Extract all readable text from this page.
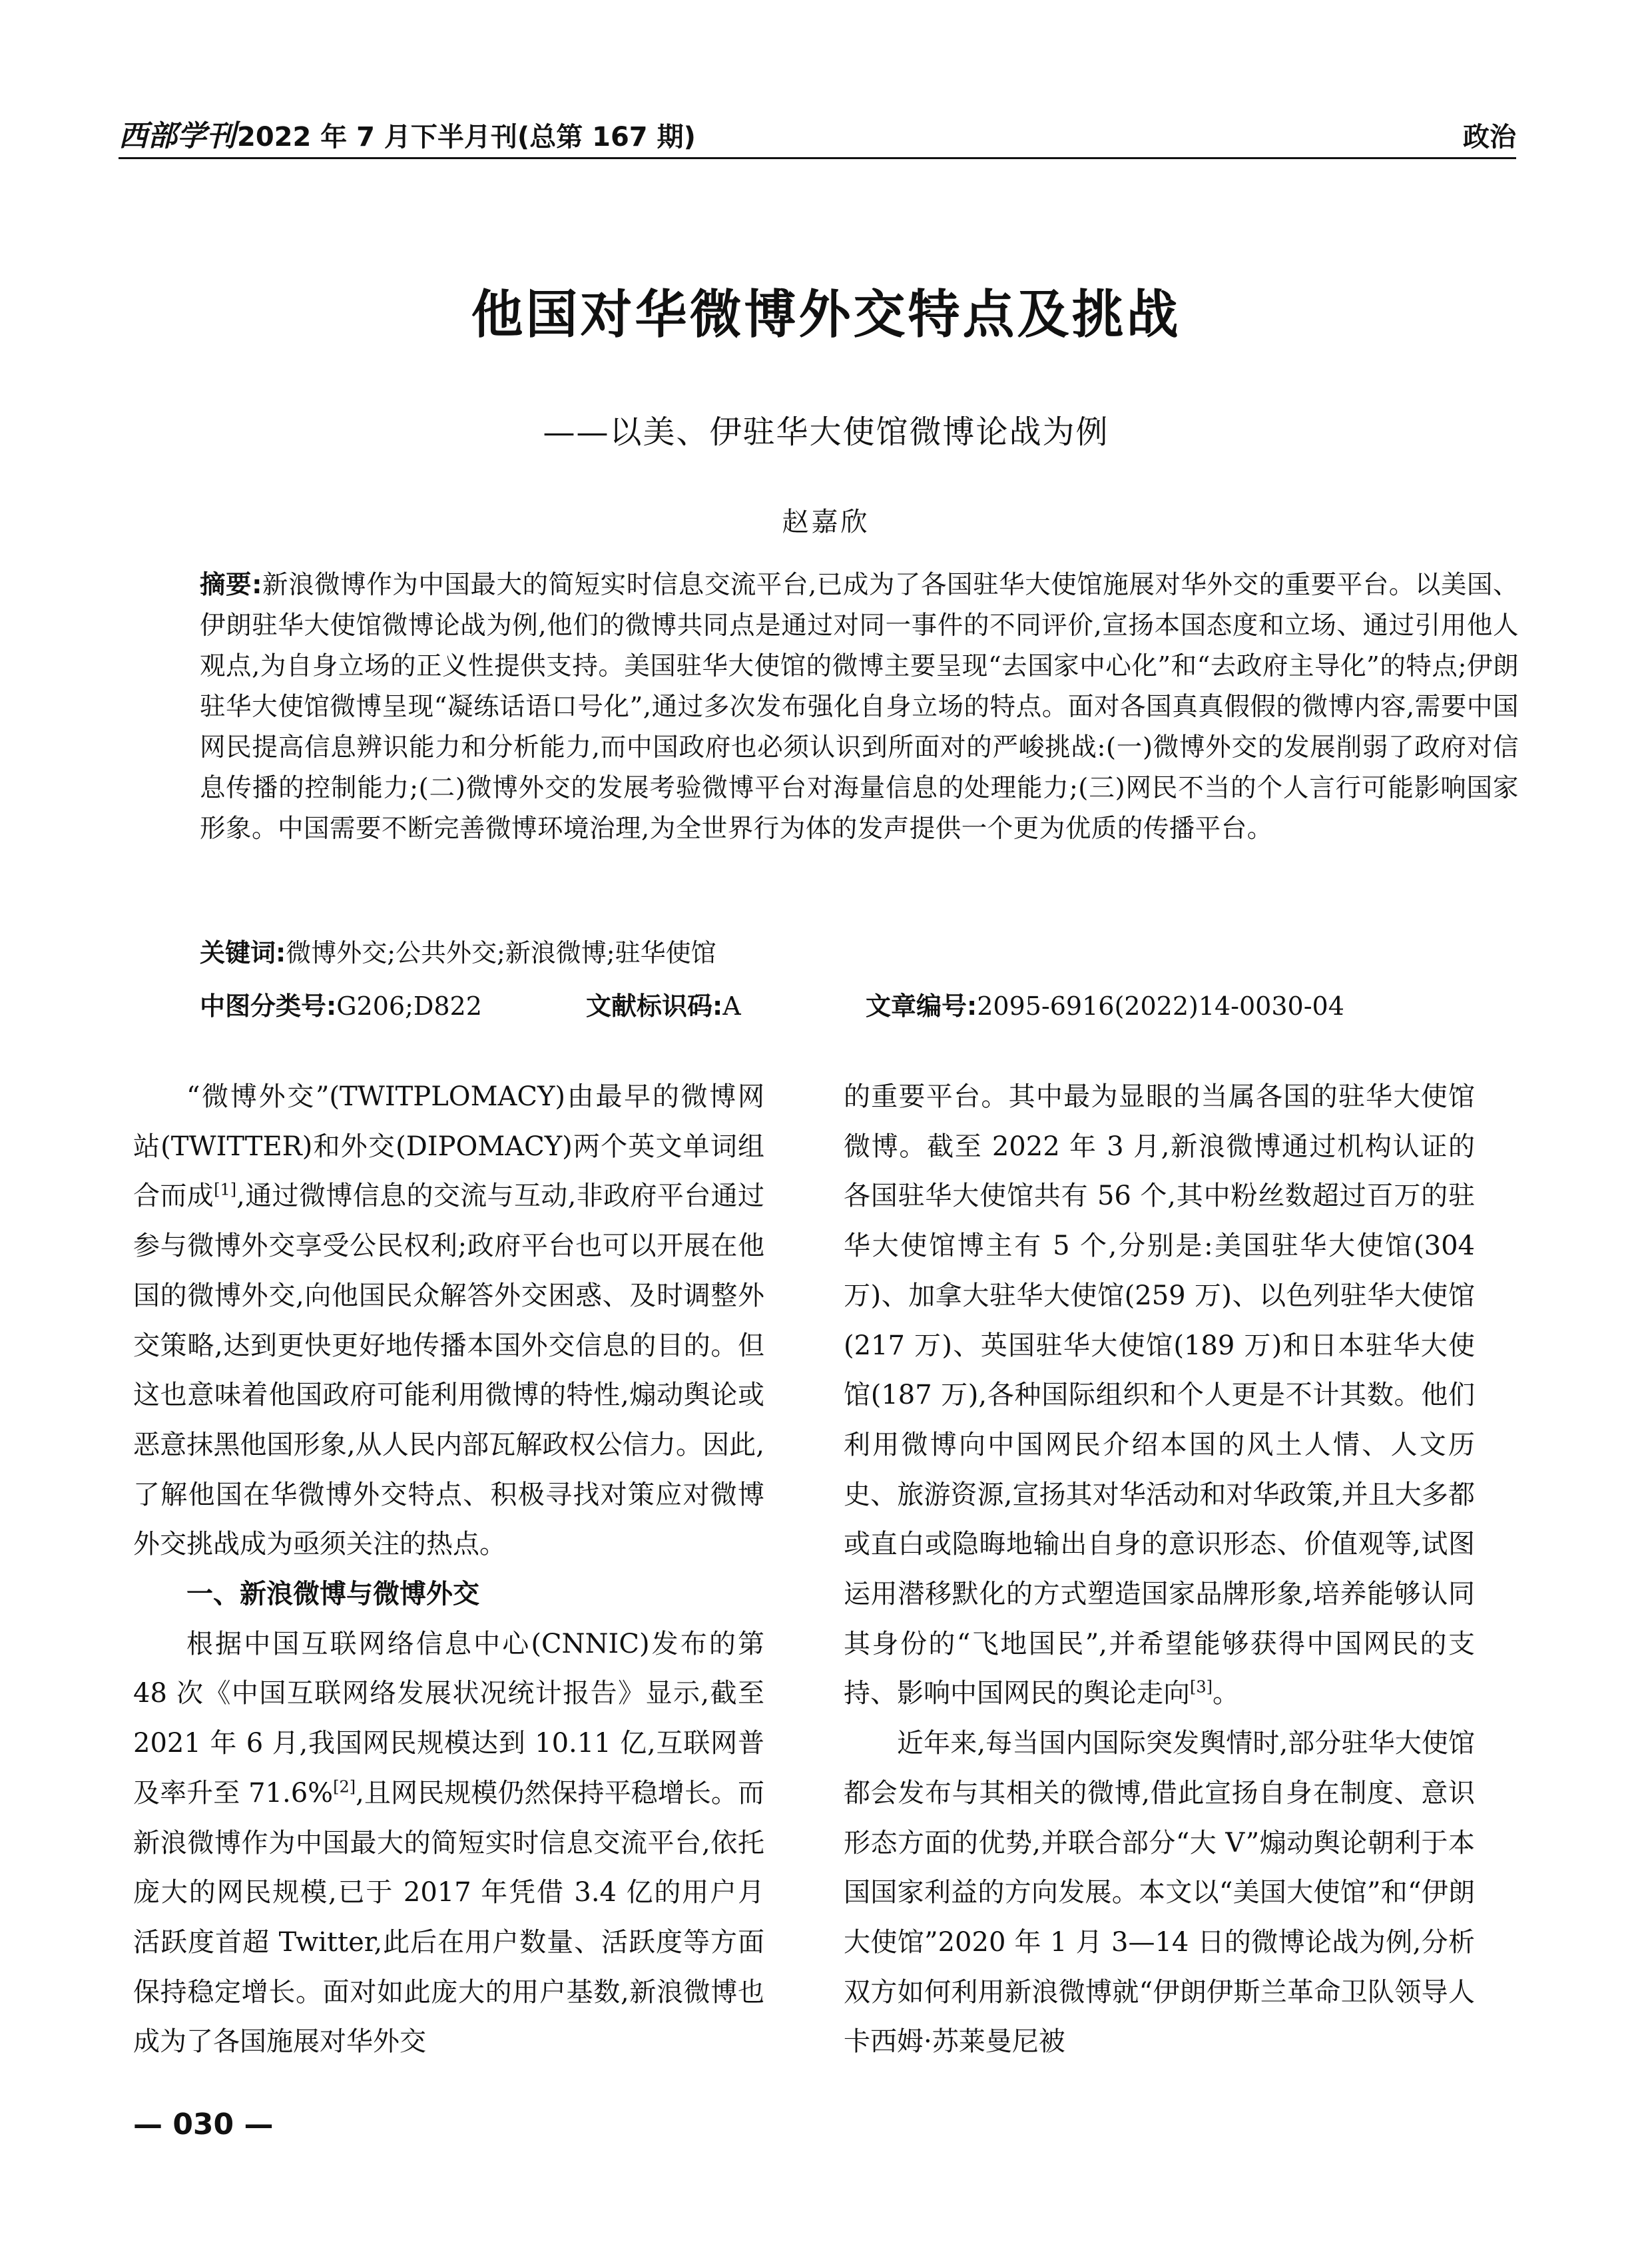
西部学刊2022 年 7 月下半月刊(总第 167 期)	政治
他国对华微博外交特点及挑战
——以美、伊驻华大使馆微博论战为例
赵嘉欣

摘要:新浪微博作为中国最大的简短实时信息交流平台,已成为了各国驻华大使馆施展对华外交的重要平台。以美国、伊朗驻华大使馆微博论战为例,他们的微博共同点是通过对同一事件的不同评价,宣扬本国态度和立场、通过引用他人观点,为自身立场的正义性提供支持。美国驻华大使馆的微博主要呈现“去国家中心化”和“去政府主导化”的特点;伊朗驻华大使馆微博呈现“凝练话语口号化”,通过多次发布强化自身立场的特点。面对各国真真假假的微博内容,需要中国网民提高信息辨识能力和分析能力,而中国政府也必须认识到所面对的严峻挑战:(一)微博外交的发展削弱了政府对信息传播的控制能力;(二)微博外交的发展考验微博平台对海量信息的处理能力;(三)网民不当的个人言行可能影响国家形象。中国需要不断完善微博环境治理,为全世界行为体的发声提供一个更为优质的传播平台。

关键词:微博外交;公共外交;新浪微博;驻华使馆
中图分类号:G206;D822	文献标识码:A	文章编号:2095-6916(2022)14-0030-04

“微博外交”(TWITPLOMACY)由最早的微博网站(TWITTER)和外交(DIPOMACY)两个英文单词组合而成[1],通过微博信息的交流与互动,非政府平台通过参与微博外交享受公民权利;政府平台也可以开展在他国的微博外交,向他国民众解答外交困惑、及时调整外交策略,达到更快更好地传播本国外交信息的目的。但这也意味着他国政府可能利用微博的特性,煽动舆论或恶意抹黑他国形象,从人民内部瓦解政权公信力。因此,了解他国在华微博外交特点、积极寻找对策应对微博外交挑战成为亟须关注的热点。

一、新浪微博与微博外交

根据中国互联网络信息中心(CNNIC)发布的第 48 次《中国互联网络发展状况统计报告》显示,截至 2021 年 6 月,我国网民规模达到 10.11 亿,互联网普及率升至 71.6%[2],且网民规模仍然保持平稳增长。而新浪微博作为中国最大的简短实时信息交流平台,依托庞大的网民规模,已于 2017 年凭借 3.4 亿的用户月活跃度首超 Twitter,此后在用户数量、活跃度等方面保持稳定增长。面对如此庞大的用户基数,新浪微博也成为了各国施展对华外交

的重要平台。其中最为显眼的当属各国的驻华大使馆微博。截至 2022 年 3 月,新浪微博通过机构认证的各国驻华大使馆共有 56 个,其中粉丝数超过百万的驻华大使馆博主有 5 个,分别是:美国驻华大使馆(304 万)、加拿大驻华大使馆(259 万)、以色列驻华大使馆(217 万)、英国驻华大使馆(189 万)和日本驻华大使馆(187 万),各种国际组织和个人更是不计其数。他们利用微博向中国网民介绍本国的风土人情、人文历史、旅游资源,宣扬其对华活动和对华政策,并且大多都或直白或隐晦地输出自身的意识形态、价值观等,试图运用潜移默化的方式塑造国家品牌形象,培养能够认同其身份的“飞地国民”,并希望能够获得中国网民的支持、影响中国网民的舆论走向[3]。

近年来,每当国内国际突发舆情时,部分驻华大使馆都会发布与其相关的微博,借此宣扬自身在制度、意识形态方面的优势,并联合部分“大 V”煽动舆论朝利于本国国家利益的方向发展。本文以“美国大使馆”和“伊朗大使馆”2020 年 1 月 3—14 日的微博论战为例,分析双方如何利用新浪微博就“伊朗伊斯兰革命卫队领导人卡西姆·苏莱曼尼被

— 030 —
